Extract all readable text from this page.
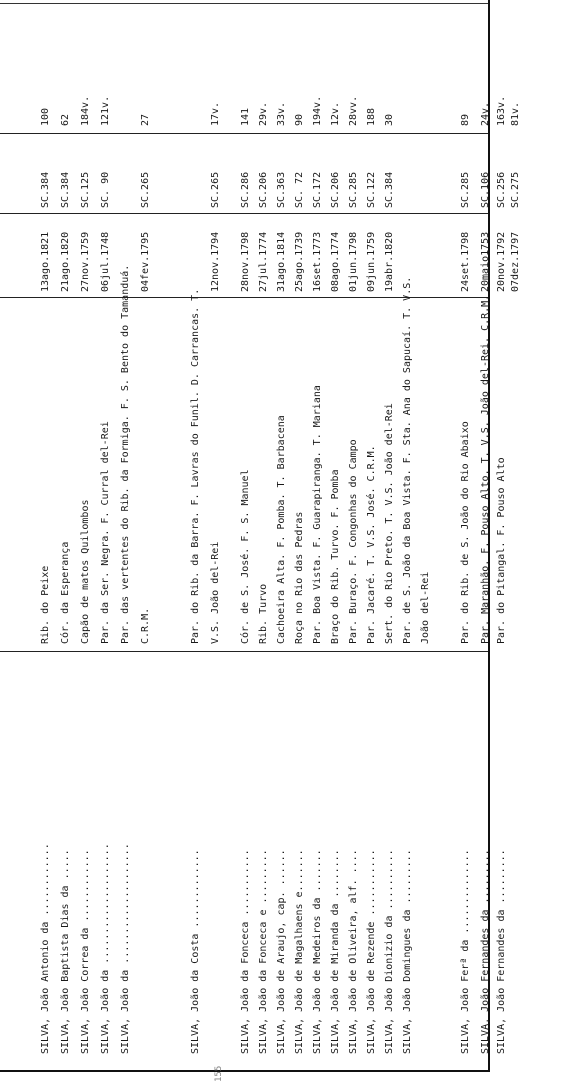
SILVA, João Antonio da ............
Rib. do Peixe
13ago.1821
SC.384
100
SILVA, João Baptista Dias da .....
Cór. da Esperança
21ago.1820
SC.384
62
SILVA, João Correa da ............
Capão de matos Quilombos
27nov.1759
SC.125
184v.
SILVA, João da ....................
Par. da Ser. Negra. F. Curral del-Rei
06jul.1748
SC. 90
121v.
SILVA, João da ....................
Par. das vertentes do Rib. da Formiga. F. S. Bento do Tamanduá. C.R.M.
04fev.1795
SC.265
27
SILVA, João da Costa .............
Par. do Rib. da Barra. F. Lavras do Funil. D. Carrancas. T. V.S. João del-Rei
12nov.1794
SC.265
17v.
SILVA, João da Fonceca ...........
Cór. de S. José. F. S. Manuel
28nov.1798
SC.286
141
SILVA, João da Fonceca e .........
Rib. Turvo
27jul.1774
SC.206
29v.
SILVA, João de Araujo, cap. ......
Cachoeira Alta. F. Pomba. T. Barbacena
31ago.1814
SC.363
33v.
SILVA, João de Magalhaens e.......
Roça no Rio das Pedras
25ago.1739
SC. 72
90
SILVA, João de Medeiros da .......
Par. Boa Vista. F. Guarapiranga. T. Mariana
16set.1773
SC.172
194v.
SILVA, João de Miranda da ........
Braço do Rib. Turvo. F. Pomba
08ago.1774
SC.206
12v.
SILVA, João de Oliveira, alf. ....
Par. Buraço. F. Congonhas do Campo
01jun.1798
SC.285
28vv.
SILVA, João de Rezende ...........
Par. Jacaré. T. V.S. José. C.R.M.
09jun.1759
SC.122
188
SILVA, João Dionizio da ..........
Sert. do Rio Preto. T. V.S. João del-Rei
19abr.1820
SC.384
30
SILVA, João Domingues da .........
Par. de S. João da Boa Vista. F. Sta. Ana do Sapucaí. T. V.S. João del-Rei
SILVA, João Ferª da ..............
Par. do Rib. de S. João do Rio Abaixo
24set.1798
SC.285
89
SILVA, João Fernandes da .........
Par. Maranhão. F. Pouso Alto. T. V.S. João del-Rei. C.R.M.
20maio1753
SC.106
24v.
SILVA, João Fernandes da .........
Par. do Pitangal. F. Pouso Alto
20nov.1792
SC.256
163v.
07dez.1797
SC.275
81v.
155
